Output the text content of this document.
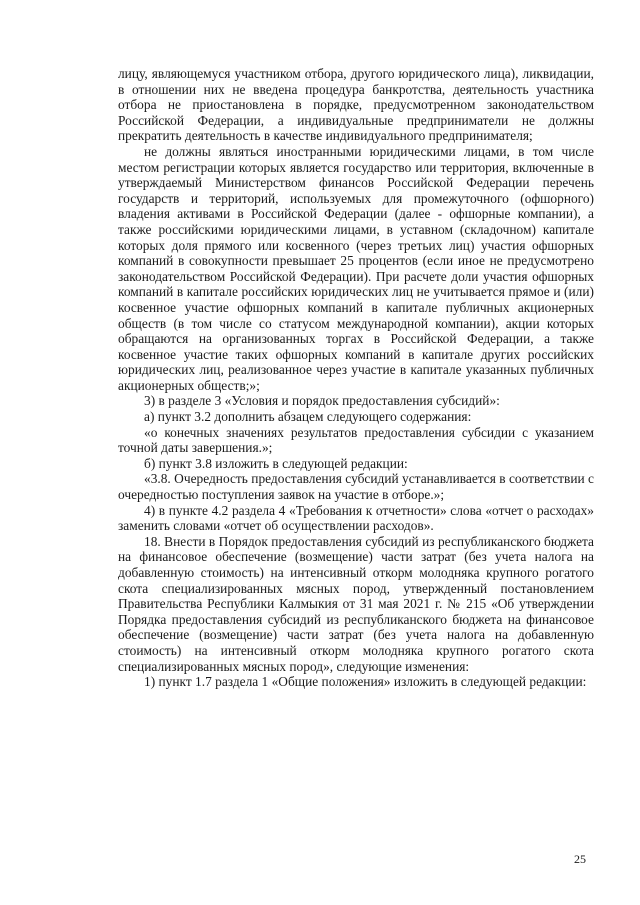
лицу, являющемуся участником отбора, другого юридического лица), ликвидации, в отношении них не введена процедура банкротства, деятельность участника отбора не приостановлена в порядке, предусмотренном законодательством Российской Федерации, а индивидуальные предприниматели не должны прекратить деятельность в качестве индивидуального предпринимателя;

не должны являться иностранными юридическими лицами, в том числе местом регистрации которых является государство или территория, включенные в утверждаемый Министерством финансов Российской Федерации перечень государств и территорий, используемых для промежуточного (офшорного) владения активами в Российской Федерации (далее - офшорные компании), а также российскими юридическими лицами, в уставном (складочном) капитале которых доля прямого или косвенного (через третьих лиц) участия офшорных компаний в совокупности превышает 25 процентов (если иное не предусмотрено законодательством Российской Федерации). При расчете доли участия офшорных компаний в капитале российских юридических лиц не учитывается прямое и (или) косвенное участие офшорных компаний в капитале публичных акционерных обществ (в том числе со статусом международной компании), акции которых обращаются на организованных торгах в Российской Федерации, а также косвенное участие таких офшорных компаний в капитале других российских юридических лиц, реализованное через участие в капитале указанных публичных акционерных обществ;»;

3) в разделе 3 «Условия и порядок предоставления субсидий»:

а) пункт 3.2 дополнить абзацем следующего содержания:

«о конечных значениях результатов предоставления субсидии с указанием точной даты завершения.»;

б) пункт 3.8 изложить в следующей редакции:

«3.8. Очередность предоставления субсидий устанавливается в соответствии с очередностью поступления заявок на участие в отборе.»;

4) в пункте 4.2 раздела 4 «Требования к отчетности» слова «отчет о расходах» заменить словами «отчет об осуществлении расходов».

18. Внести в Порядок предоставления субсидий из республиканского бюджета на финансовое обеспечение (возмещение) части затрат (без учета налога на добавленную стоимость) на интенсивный откорм молодняка крупного рогатого скота специализированных мясных пород, утвержденный постановлением Правительства Республики Калмыкия от 31 мая 2021 г. № 215 «Об утверждении Порядка предоставления субсидий из республиканского бюджета на финансовое обеспечение (возмещение) части затрат (без учета налога на добавленную стоимость) на интенсивный откорм молодняка крупного рогатого скота специализированных мясных пород», следующие изменения:

1) пункт 1.7 раздела 1 «Общие положения» изложить в следующей редакции:

25
